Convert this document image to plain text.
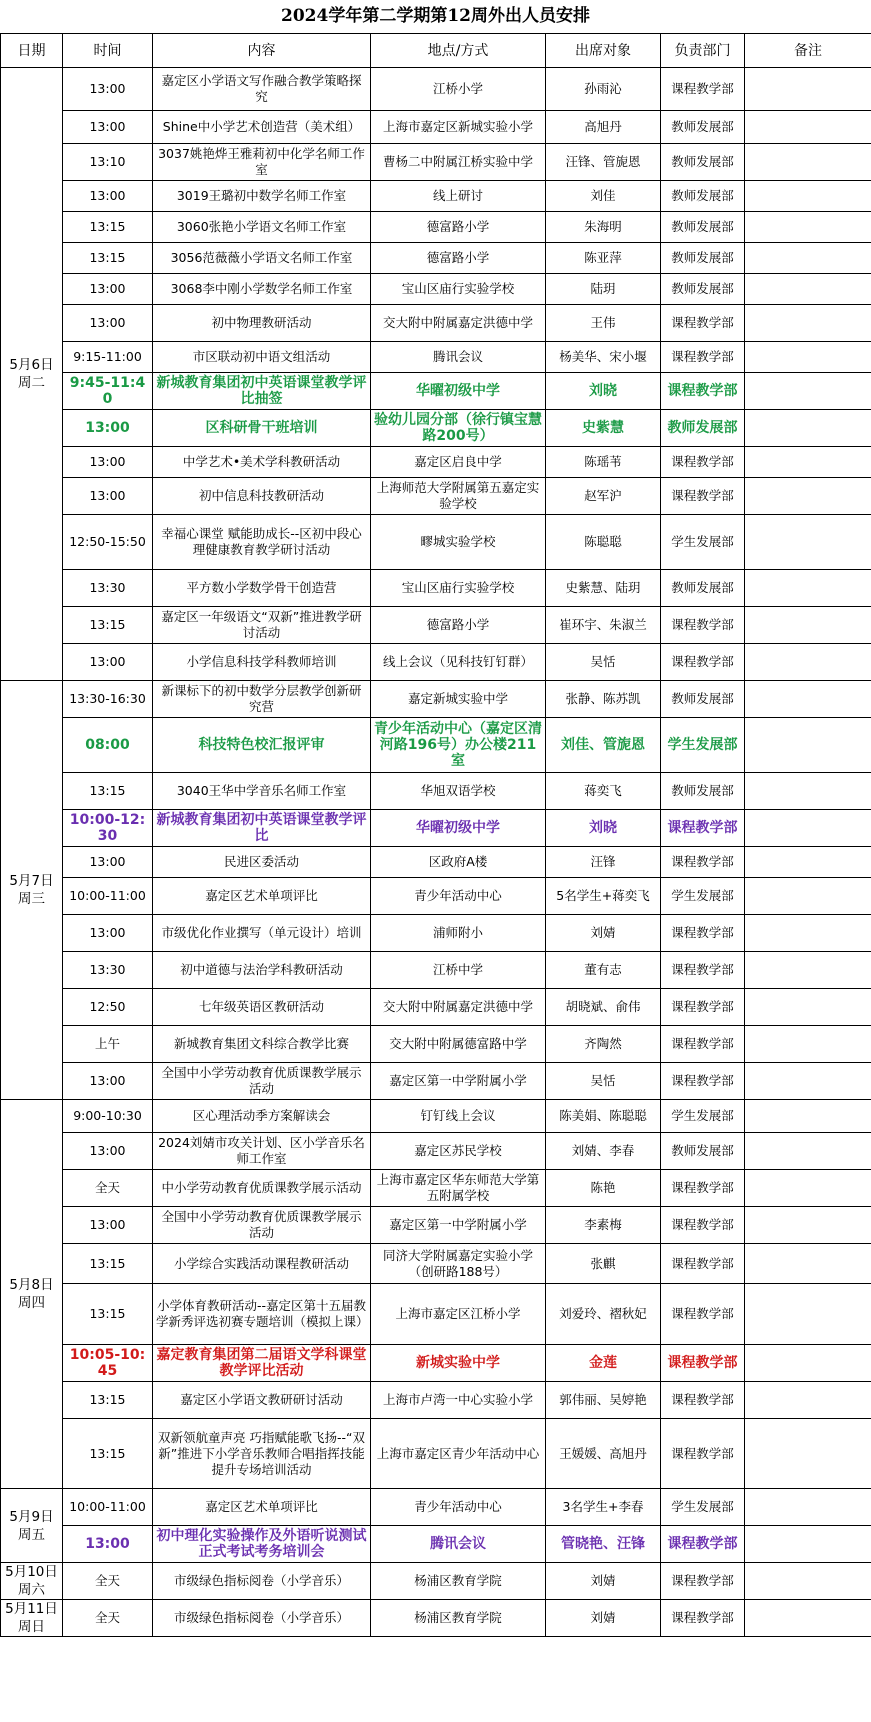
2024学年第二学期第12周外出人员安排
日期	时间	内容	地点/方式	出席对象	负责部门	备注

5月6日
周二	13:00	嘉定区小学语文写作融合教学策略探究	江桥小学	孙雨沁	课程教学部	
	13:00	Shine中小学艺术创造营（美术组）	上海市嘉定区新城实验小学	高旭丹	教师发展部	
	13:10	3037姚艳烨王雅莉初中化学名师工作室	曹杨二中附属江桥实验中学	汪锋、管旎恩	教师发展部	
	13:00	3019王璐初中数学名师工作室	线上研讨	刘佳	教师发展部	
	13:15	3060张艳小学语文名师工作室	德富路小学	朱海明	教师发展部	
	13:15	3056范薇薇小学语文名师工作室	德富路小学	陈亚萍	教师发展部	
	13:00	3068李中刚小学数学名师工作室	宝山区庙行实验学校	陆玥	教师发展部	
	13:00	初中物理教研活动	交大附中附属嘉定洪德中学	王伟	课程教学部	
	9:15-11:00	市区联动初中语文组活动	腾讯会议	杨美华、宋小堰	课程教学部	
	9:45-11:40	新城教育集团初中英语课堂教学评比抽签	华曜初级中学	刘晓	课程教学部	
	13:00	区科研骨干班培训	验幼儿园分部（徐行镇宝慧路200号）	史紫慧	教师发展部	
	13:00	中学艺术•美术学科教研活动	嘉定区启良中学	陈瑶苇	课程教学部	
	13:00	初中信息科技教研活动	上海师范大学附属第五嘉定实验学校	赵军沪	课程教学部	
	12:50-15:50	幸福心课堂 赋能助成长--区初中段心理健康教育教学研讨活动	疁城实验学校	陈聪聪	学生发展部	
	13:30	平方数小学数学骨干创造营	宝山区庙行实验学校	史紫慧、陆玥	教师发展部	
	13:15	嘉定区一年级语文“双新”推进教学研讨活动	德富路小学	崔环宇、朱淑兰	课程教学部	
	13:00	小学信息科技学科教师培训	线上会议（见科技钉钉群）	吴恬	课程教学部	

5月7日
周三	13:30-16:30	新课标下的初中数学分层教学创新研究营	嘉定新城实验中学	张静、陈苏凯	教师发展部	
	08:00	科技特色校汇报评审	青少年活动中心（嘉定区清河路196号）办公楼211室	刘佳、管旎恩	学生发展部	
	13:15	3040王华中学音乐名师工作室	华旭双语学校	蒋奕飞	教师发展部	
	10:00-12:30	新城教育集团初中英语课堂教学评比	华曜初级中学	刘晓	课程教学部	
	13:00	民进区委活动	区政府A楼	汪锋	课程教学部	
	10:00-11:00	嘉定区艺术单项评比	青少年活动中心	5名学生+蒋奕飞	学生发展部	
	13:00	市级优化作业撰写（单元设计）培训	浦师附小	刘婧	课程教学部	
	13:30	初中道德与法治学科教研活动	江桥中学	董有志	课程教学部	
	12:50	七年级英语区教研活动	交大附中附属嘉定洪德中学	胡晓斌、俞伟	课程教学部	
	上午	新城教育集团文科综合教学比赛	交大附中附属德富路中学	齐陶然	课程教学部	
	13:00	全国中小学劳动教育优质课教学展示活动	嘉定区第一中学附属小学	吴恬	课程教学部	

5月8日
周四	9:00-10:30	区心理活动季方案解读会	钉钉线上会议	陈美娟、陈聪聪	学生发展部	
	13:00	2024刘婧市攻关计划、区小学音乐名师工作室	嘉定区苏民学校	刘婧、李春	教师发展部	
	全天	中小学劳动教育优质课教学展示活动	上海市嘉定区华东师范大学第五附属学校	陈艳	课程教学部	
	13:00	全国中小学劳动教育优质课教学展示活动	嘉定区第一中学附属小学	李素梅	课程教学部	
	13:15	小学综合实践活动课程教研活动	同济大学附属嘉定实验小学（创研路188号）	张麒	课程教学部	
	13:15	小学体育教研活动--嘉定区第十五届教学新秀评选初赛专题培训（模拟上课）	上海市嘉定区江桥小学	刘爱玲、褶秋妃	课程教学部	
	10:05-10:45	嘉定教育集团第二届语文学科课堂教学评比活动	新城实验中学	金莲	课程教学部	
	13:15	嘉定区小学语文教研研讨活动	上海市卢湾一中心实验小学	郭伟丽、吴婷艳	课程教学部	
	13:15	双新领航童声亮 巧指赋能歌飞扬--“双新”推进下小学音乐教师合唱指挥技能提升专场培训活动	上海市嘉定区青少年活动中心	王媛媛、高旭丹	课程教学部	

5月9日
周五	10:00-11:00	嘉定区艺术单项评比	青少年活动中心	3名学生+李春	学生发展部	
	13:00	初中理化实验操作及外语听说测试正式考试考务培训会	腾讯会议	管晓艳、汪锋	课程教学部	

5月10日
周六	全天	市级绿色指标阅卷（小学音乐）	杨浦区教育学院	刘婧	课程教学部	

5月11日
周日	全天	市级绿色指标阅卷（小学音乐）	杨浦区教育学院	刘婧	课程教学部	
